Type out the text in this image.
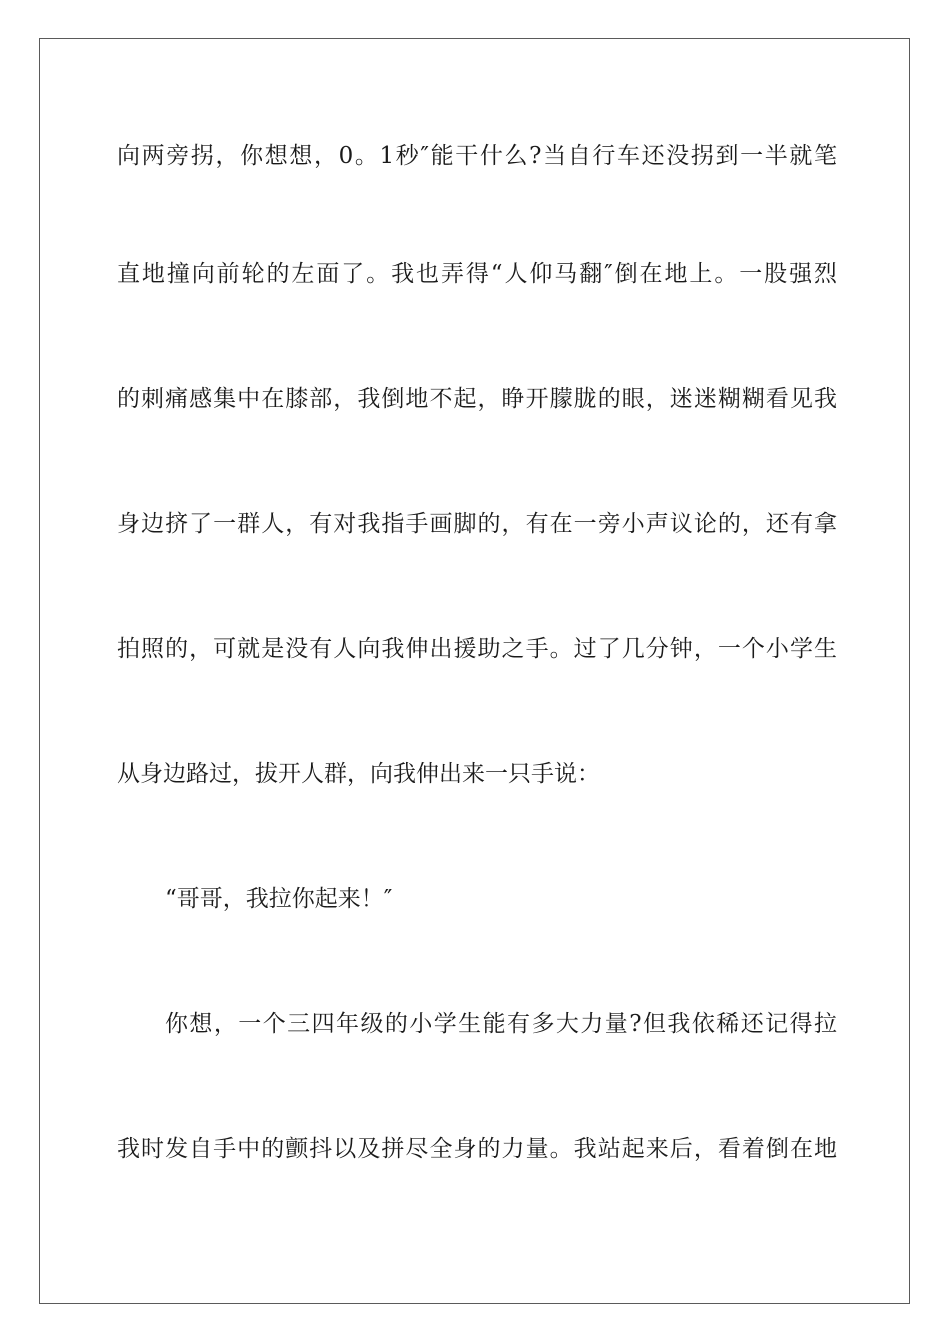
向两旁拐，你想想，0。1秒″能干什么?当自行车还没拐到一半就笔
直地撞向前轮的左面了。我也弄得“人仰马翻″倒在地上。一股强烈
的刺痛感集中在膝部，我倒地不起，睁开朦胧的眼，迷迷糊糊看见我
身边挤了一群人，有对我指手画脚的，有在一旁小声议论的，还有拿
拍照的，可就是没有人向我伸出援助之手。过了几分钟，一个小学生
从身边路过，拔开人群，向我伸出来一只手说：
“哥哥，我拉你起来！″
你想，一个三四年级的小学生能有多大力量?但我依稀还记得拉
我时发自手中的颤抖以及拼尽全身的力量。我站起来后，看着倒在地
